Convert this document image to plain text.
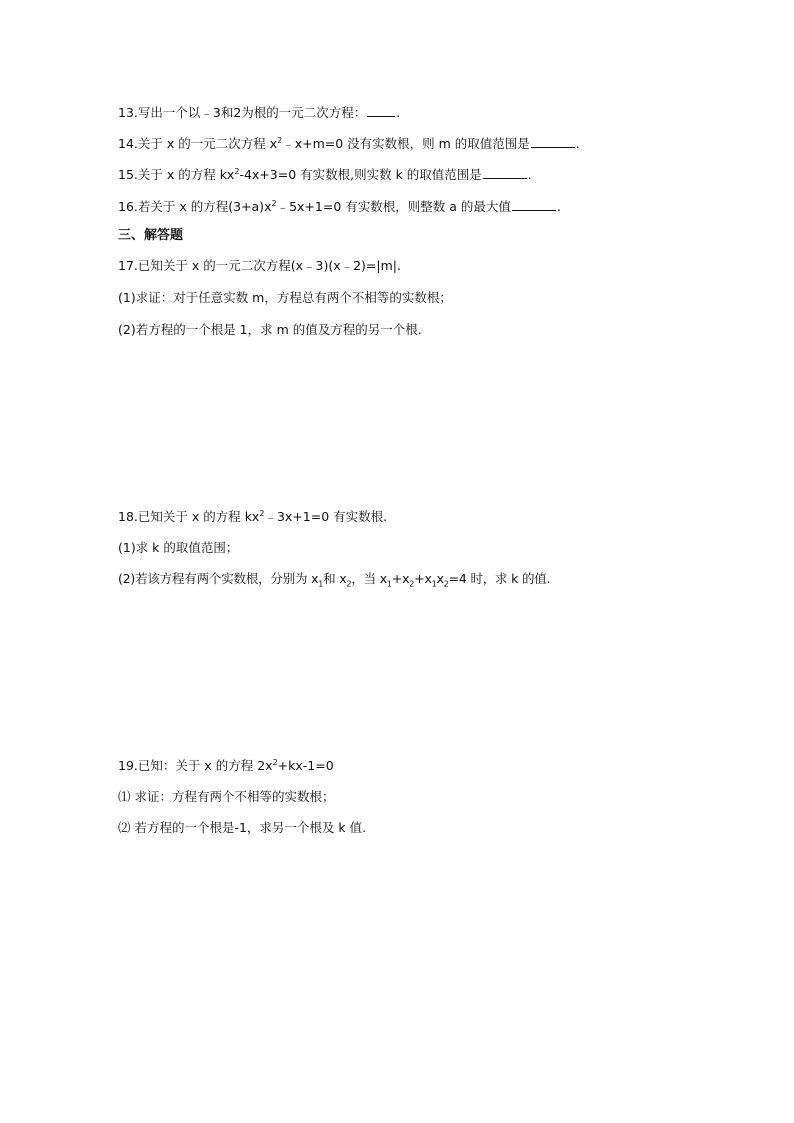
13.写出一个以﹣3和2为根的一元二次方程： .
14.关于 x 的一元二次方程 $x^2﹣x+m=0$ 没有实数根，则 m 的取值范围是	.
15.关于 x 的方程 $kx^2-4x+3=0$ 有实数根,则实数 k 的取值范围是	.
16.若关于 x 的方程$(3+a)x^2﹣5x+1=0$ 有实数根，则整数 a 的最大值	.
三、解答题
17.已知关于 x 的一元二次方程(x﹣3)(x﹣2)=|m|.
(1)求证：对于任意实数 m，方程总有两个不相等的实数根；
(2)若方程的一个根是 1，求 m 的值及方程的另一个根.
18.已知关于 x 的方程 $kx^2﹣3x+1=0$ 有实数根.
(1)求 k 的取值范围；
(2)若该方程有两个实数根，分别为 $x_1$和 $x_2$，当 $x_1+x_2+x_1x_2=4$ 时，求 k 的值.
19.已知：关于 x 的方程 $2x^2+kx-1=0$
⑴ 求证：方程有两个不相等的实数根；
⑵ 若方程的一个根是-1，求另一个根及 k 值.
